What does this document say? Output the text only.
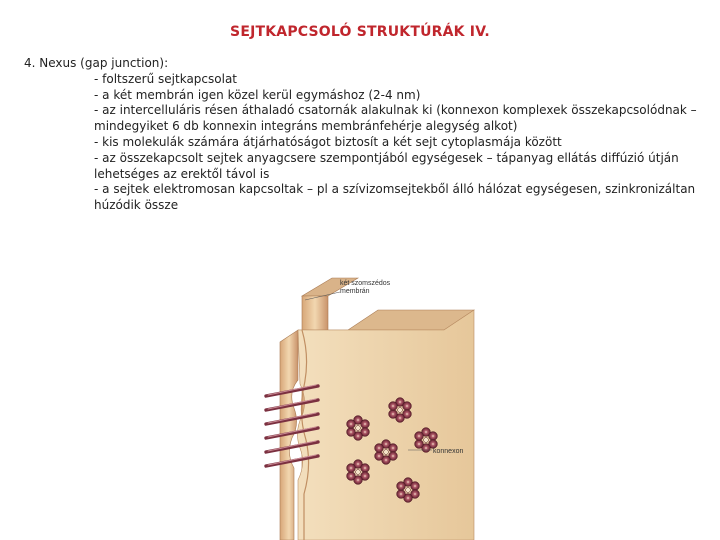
SEJTKAPCSOLÓ STRUKTÚRÁK IV.

4. Nexus (gap junction):

- foltszerű sejtkapcsolat
- a két membrán igen közel kerül egymáshoz (2-4 nm)
- az intercelluláris résen áthaladó csatornák alakulnak ki (konnexon komplexek összekapcsolódnak – mindegyiket 6 db konnexin integráns membránfehérje alegység alkot)
- kis molekulák számára átjárhatóságot biztosít a két sejt cytoplasmája között
- az összekapcsolt sejtek anyagcsere szempontjából egységesek – tápanyag ellátás diffúzió útján lehetséges az erektől távol is
- a sejtek elektromosan kapcsoltak – pl a szívizomsejtekből álló hálózat egységesen, szinkronizáltan húzódik össze
két szomszédos
membrán
konnexon
